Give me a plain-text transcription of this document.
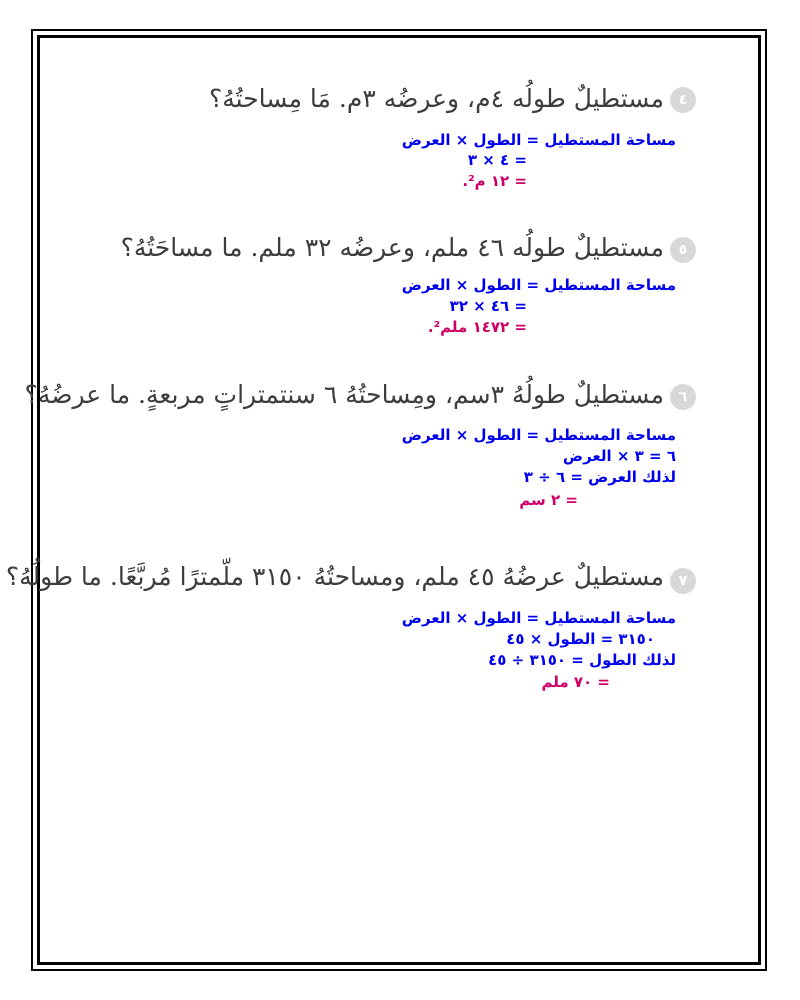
٤
مستطيلٌ طولُه ٤م، وعرضُه ٣م. مَا مِساحتُهُ؟
مساحة المستطيل = الطول × العرض
= ٤ × ٣
= ١٢ م².
٥
مستطيلٌ طولُه ٤٦ ملم، وعرضُه ٣٢ ملم. ما مساحَتُهُ؟
مساحة المستطيل = الطول × العرض
= ٤٦ × ٣٢
= ١٤٧٢ ملم².
٦
مستطيلٌ طولُهُ ٣سم، ومِساحتُهُ ٦ سنتمتراتٍ مربعةٍ. ما عرضُهُ؟
مساحة المستطيل = الطول × العرض
٦ = ٣ × العرض
لذلك العرض = ٦ ÷ ٣
= ٢ سم
٧
مستطيلٌ عرضُهُ ٤٥ ملم، ومساحتُهُ ٣١٥٠ ملّمترًا مُربَّعًا. ما طولُهُ؟
مساحة المستطيل = الطول × العرض
٣١٥٠ = الطول × ٤٥
لذلك الطول = ٣١٥٠ ÷ ٤٥
= ٧٠ ملم
